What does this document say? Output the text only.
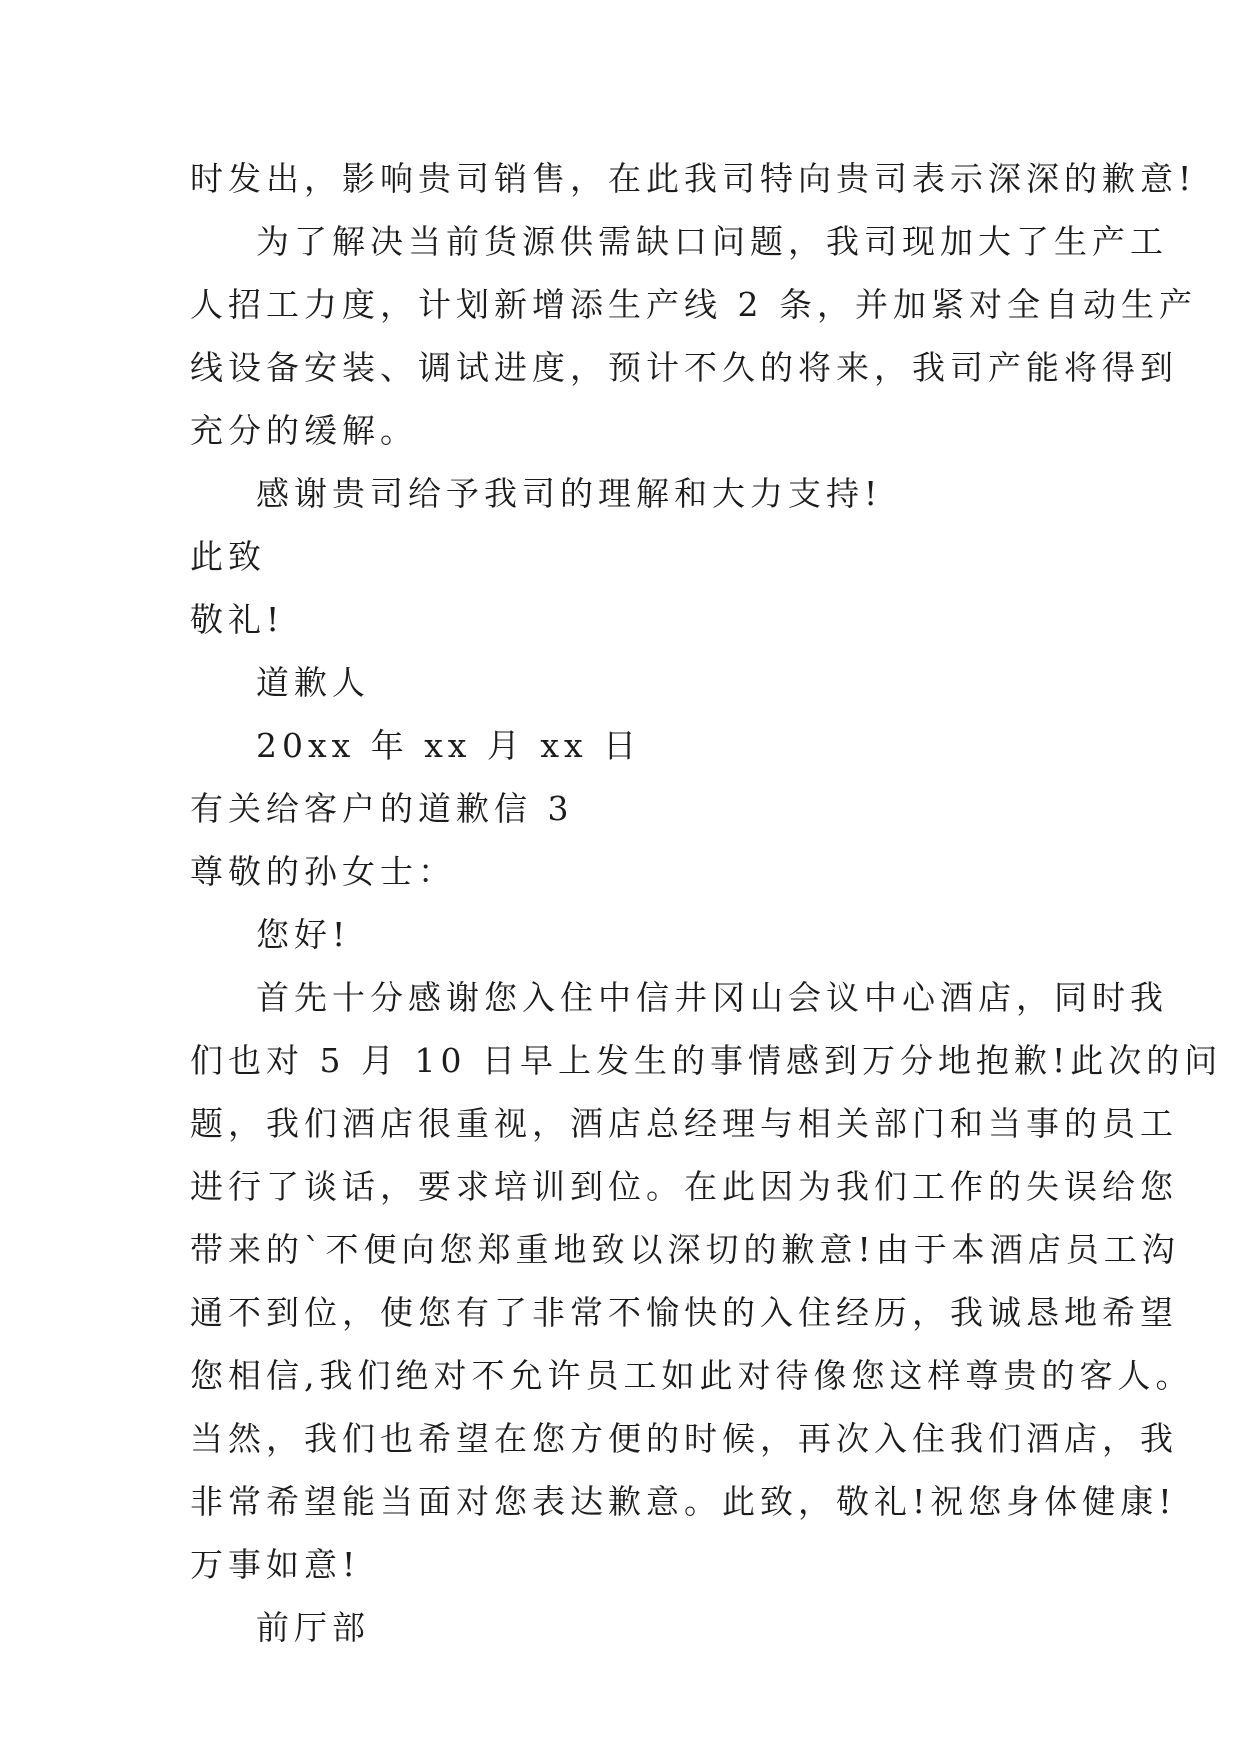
时发出，影响贵司销售，在此我司特向贵司表示深深的歉意!
为了解决当前货源供需缺口问题，我司现加大了生产工
人招工力度，计划新增添生产线 2 条，并加紧对全自动生产
线设备安装、调试进度，预计不久的将来，我司产能将得到
充分的缓解。
感谢贵司给予我司的理解和大力支持!
此致
敬礼!
道歉人
20xx 年 xx 月 xx 日
有关给客户的道歉信 3
尊敬的孙女士：
您好!
首先十分感谢您入住中信井冈山会议中心酒店，同时我
们也对 5 月 10 日早上发生的事情感到万分地抱歉!此次的问
题，我们酒店很重视，酒店总经理与相关部门和当事的员工
进行了谈话，要求培训到位。在此因为我们工作的失误给您
带来的`不便向您郑重地致以深切的歉意!由于本酒店员工沟
通不到位，使您有了非常不愉快的入住经历，我诚恳地希望
您相信,我们绝对不允许员工如此对待像您这样尊贵的客人。
当然，我们也希望在您方便的时候，再次入住我们酒店，我
非常希望能当面对您表达歉意。此致，敬礼!祝您身体健康!
万事如意!
前厅部
